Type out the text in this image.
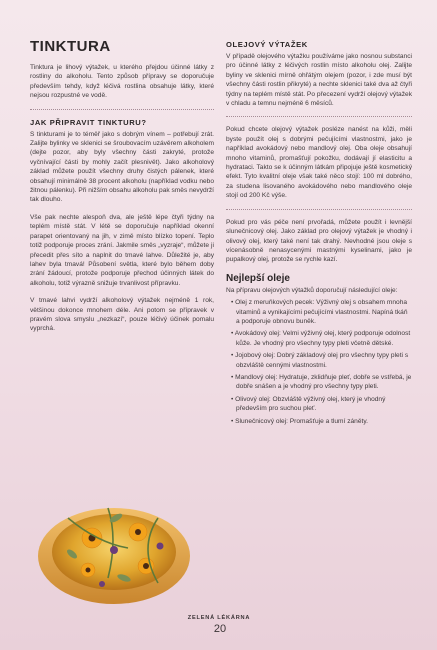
TINKTURA

Tinktura je lihový výtažek, u kterého přejdou účinné látky z rostliny do alkoholu. Tento způsob přípravy se doporučuje především tehdy, když léčivá rostlina obsahuje látky, které nejsou rozpustné ve vodě.

JAK PŘIPRAVIT TINKTURU?

S tinkturami je to téměř jako s dobrým vínem – potřebují zrát. Zalijte bylinky ve sklenici se šroubovacím uzávěrem alkoholem (dejte pozor, aby byly všechny části zakryté, protože vyčnívající části by mohly začít plesnivět). Jako alkoholový základ můžete použít všechny druhy čistých pálenek, které obsahují minimálně 38 procent alkoholu (například vodku nebo žitnou pálenku). Při nižším obsahu alkoholu pak směs nevydrží tak dlouho.

Vše pak nechte alespoň dva, ale ještě lépe čtyři týdny na teplém místě stát. V létě se doporučuje například okenní parapet orientovaný na jih, v zimě místo blízko topení. Teplo totiž podporuje proces zrání. Jakmile směs „vyzraje“, můžete ji přecedit přes síto a naplnit do tmavé lahve. Důležité je, aby lahev byla tmavá! Působení světla, které bylo během doby zrání žádoucí, protože podporuje přechod účinných látek do alkoholu, totiž výrazně snižuje trvanlivost přípravku.

V tmavé lahvi vydrží alkoholový výtažek nejméně 1 rok, většinou dokonce mnohem déle. Ani potom se přípravek v pravém slova smyslu „nezkazí“, pouze léčivý účinek pomalu vyprchá.

OLEJOVÝ VÝTAŽEK

V případě olejového výtažku používáme jako nosnou substanci pro účinné látky z léčivých rostlin místo alkoholu olej. Zalijte byliny ve sklenici mírně ohřátým olejem (pozor, i zde musí být všechny části rostlin přikryté) a nechte sklenici také dva až čtyři týdny na teplém místě stát. Po přecezení vydrží olejový výtažek v chladu a temnu nejméně 6 měsíců.

Pokud chcete olejový výtažek posléze nanést na kůži, měli byste použít olej s dobrými pečujícími vlastnostmi, jako je například avokádový nebo mandlový olej. Oba oleje obsahují mnoho vitaminů, promašťují pokožku, dodávají jí elasticitu a hydrataci. Takto se k účinným látkám připojuje ještě kosmetický efekt. Tyto kvalitní oleje však také něco stojí: 100 ml dobrého, za studena lisovaného avokádového nebo mandlového oleje stojí od 200 Kč výše.

Pokud pro vás péče není prvořadá, můžete použít i levnější slunečnicový olej. Jako základ pro olejový výtažek je vhodný i olivový olej, který také není tak drahý. Nevhodné jsou oleje s vícenásobně nenasycenými mastnými kyselinami, jako je pupalkový olej, protože se rychle kazí.

Nejlepší oleje

Na přípravu olejových výtažků doporučují následující oleje:

• Olej z meruňkových pecek: Výživný olej s obsahem mnoha vitaminů a vynikajícími pečujícími vlastnostmi. Napíná tkáň a podporuje obnovu buněk.
• Avokádový olej: Velmi výživný olej, který podporuje odolnost kůže. Je vhodný pro všechny typy pleti včetně dětské.
• Jojobový olej: Dobrý základový olej pro všechny typy pleti s obzvláště cennými vlastnostmi.
• Mandlový olej: Hydratuje, zklidňuje pleť, dobře se vstřebá, je dobře snášen a je vhodný pro všechny typy pleti.
• Olivový olej: Obzvláště výživný olej, který je vhodný především pro suchou pleť.
• Slunečnicový olej: Promašťuje a tlumí záněty.
ZELENÁ LÉKÁRNA
20
